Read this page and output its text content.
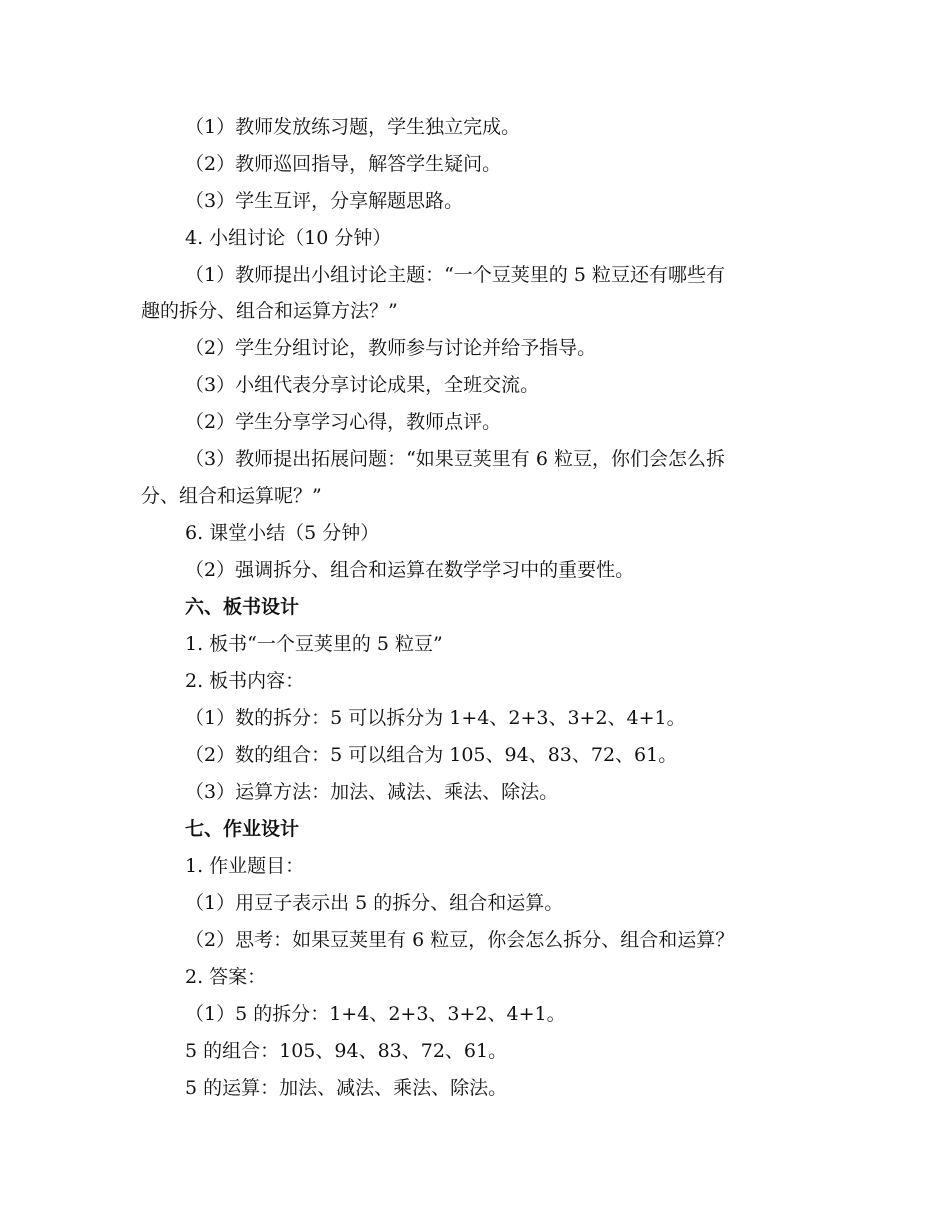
（1）教师发放练习题，学生独立完成。
（2）教师巡回指导，解答学生疑问。
（3）学生互评，分享解题思路。
4. 小组讨论（10 分钟）
（1）教师提出小组讨论主题：“一个豆荚里的 5 粒豆还有哪些有
趣的拆分、组合和运算方法？”
（2）学生分组讨论，教师参与讨论并给予指导。
（3）小组代表分享讨论成果，全班交流。
（2）学生分享学习心得，教师点评。
（3）教师提出拓展问题：“如果豆荚里有 6 粒豆，你们会怎么拆
分、组合和运算呢？”
6. 课堂小结（5 分钟）
（2）强调拆分、组合和运算在数学学习中的重要性。
六、板书设计
1. 板书“一个豆荚里的 5 粒豆”
2. 板书内容：
（1）数的拆分：5 可以拆分为 1+4、2+3、3+2、4+1。
（2）数的组合：5 可以组合为 105、94、83、72、61。
（3）运算方法：加法、减法、乘法、除法。
七、作业设计
1. 作业题目：
（1）用豆子表示出 5 的拆分、组合和运算。
（2）思考：如果豆荚里有 6 粒豆，你会怎么拆分、组合和运算？
2. 答案：
（1）5 的拆分：1+4、2+3、3+2、4+1。
5 的组合：105、94、83、72、61。
5 的运算：加法、减法、乘法、除法。
